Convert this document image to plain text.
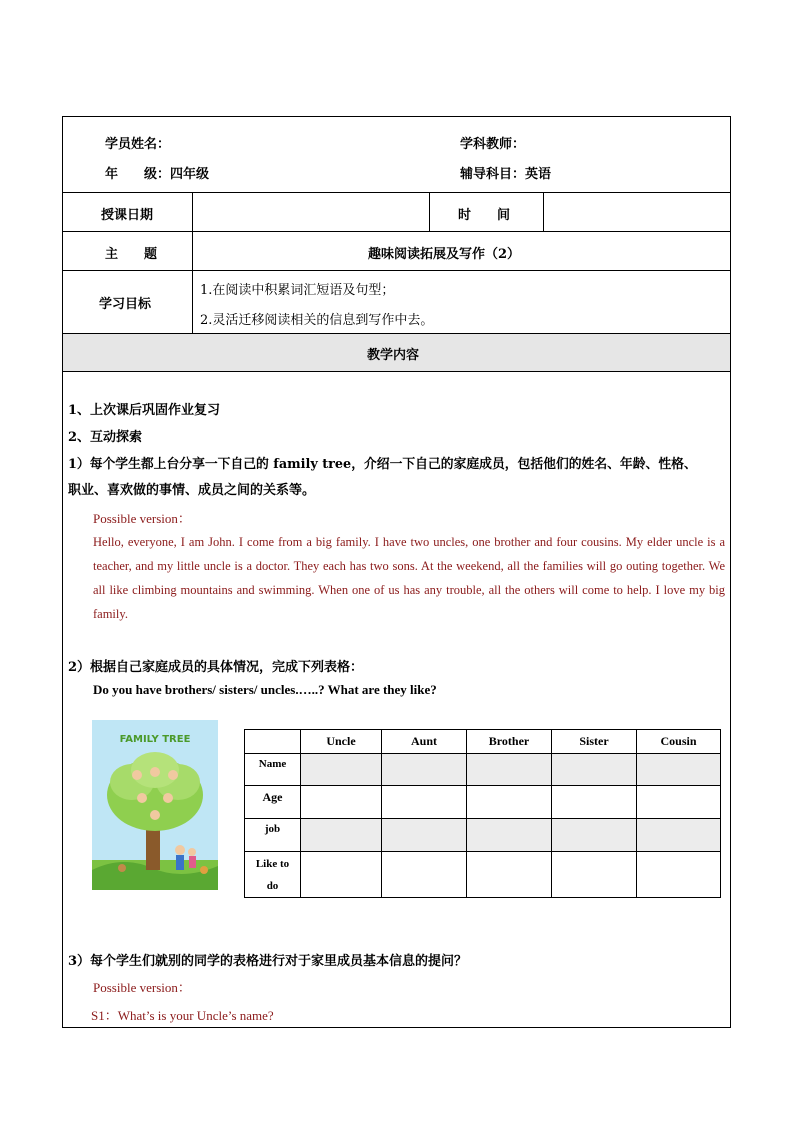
学员姓名：	学科教师：
年　　级：四年级	辅导科目：英语
授课日期	时　　间
主　　题	趣味阅读拓展及写作（2）
学习目标
1.在阅读中积累词汇短语及句型；
2.灵活迁移阅读相关的信息到写作中去。
教学内容
1、上次课后巩固作业复习
2、互动探索
1）每个学生都上台分享一下自己的 family tree，介绍一下自己的家庭成员，包括他们的姓名、年龄、性格、
职业、喜欢做的事情、成员之间的关系等。
Possible version：
Hello, everyone, I am John. I come from a big family. I have two uncles, one brother and four cousins. My elder uncle is a teacher, and my little uncle is a doctor. They each has two sons. At the weekend, all the families will go outing together. We all like climbing mountains and swimming. When one of us has any trouble, all the others will come to help. I love my big family.
2）根据自己家庭成员的具体情况，完成下列表格：
Do you have brothers/ sisters/ uncles.…..? What are they like?
FAMILY TREE
		Uncle	Aunt	Brother	Sister	Cousin
Name					
Age					
job					
Like to do					
3）每个学生们就别的同学的表格进行对于家里成员基本信息的提问？
Possible version：
S1：What’s is your Uncle’s name?
